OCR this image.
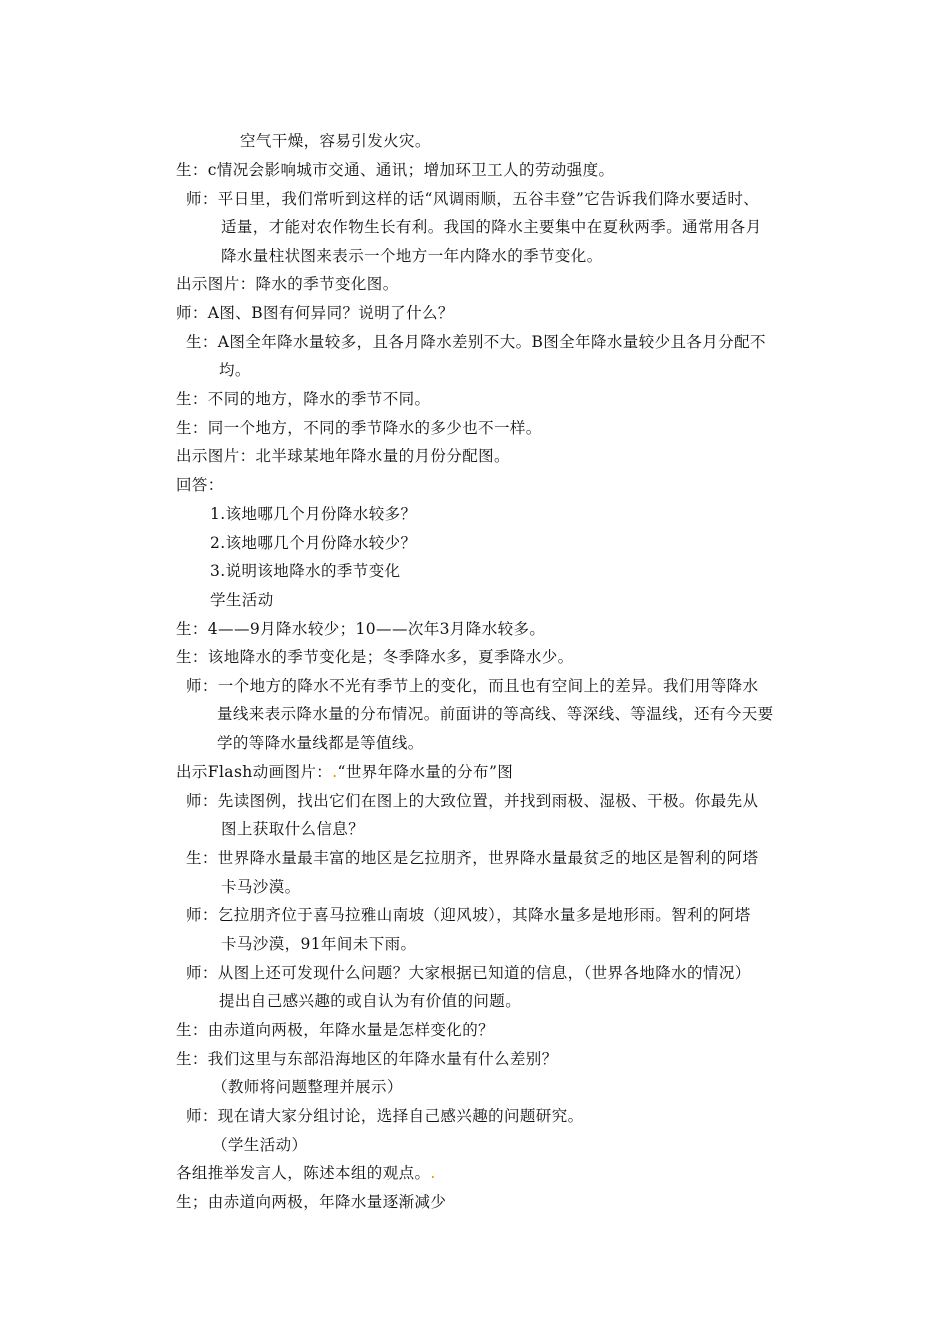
空气干燥，容易引发火灾。
生：c情况会影响城市交通、通讯；增加环卫工人的劳动强度。
师：平日里，我们常听到这样的话“风调雨顺，五谷丰登”它告诉我们降水要适时、
适量，才能对农作物生长有利。我国的降水主要集中在夏秋两季。通常用各月
降水量柱状图来表示一个地方一年内降水的季节变化。
出示图片：降水的季节变化图。
师：A图、B图有何异同？说明了什么？
生：A图全年降水量较多，且各月降水差别不大。B图全年降水量较少且各月分配不
均。
生：不同的地方，降水的季节不同。
生：同一个地方，不同的季节降水的多少也不一样。
出示图片：北半球某地年降水量的月份分配图。
回答：
1.该地哪几个月份降水较多？
2.该地哪几个月份降水较少？
3.说明该地降水的季节变化
学生活动
生：4——9月降水较少；10——次年3月降水较多。
生：该地降水的季节变化是；冬季降水多，夏季降水少。
师：一个地方的降水不光有季节上的变化，而且也有空间上的差异。我们用等降水
量线来表示降水量的分布情况。前面讲的等高线、等深线、等温线，还有今天要
学的等降水量线都是等值线。
出示Flash动画图片：.“世界年降水量的分布”图
师：先读图例，找出它们在图上的大致位置，并找到雨极、湿极、干极。你最先从
图上获取什么信息？
生：世界降水量最丰富的地区是乞拉朋齐，世界降水量最贫乏的地区是智利的阿塔
卡马沙漠。
师：乞拉朋齐位于喜马拉雅山南坡（迎风坡），其降水量多是地形雨。智利的阿塔
卡马沙漠，91年间未下雨。
师：从图上还可发现什么问题？大家根据已知道的信息，（世界各地降水的情况）
提出自己感兴趣的或自认为有价值的问题。
生：由赤道向两极，年降水量是怎样变化的？
生：我们这里与东部沿海地区的年降水量有什么差别？
（教师将问题整理并展示）
师：现在请大家分组讨论，选择自己感兴趣的问题研究。
（学生活动）
各组推举发言人，陈述本组的观点。.
生；由赤道向两极，年降水量逐渐减少
